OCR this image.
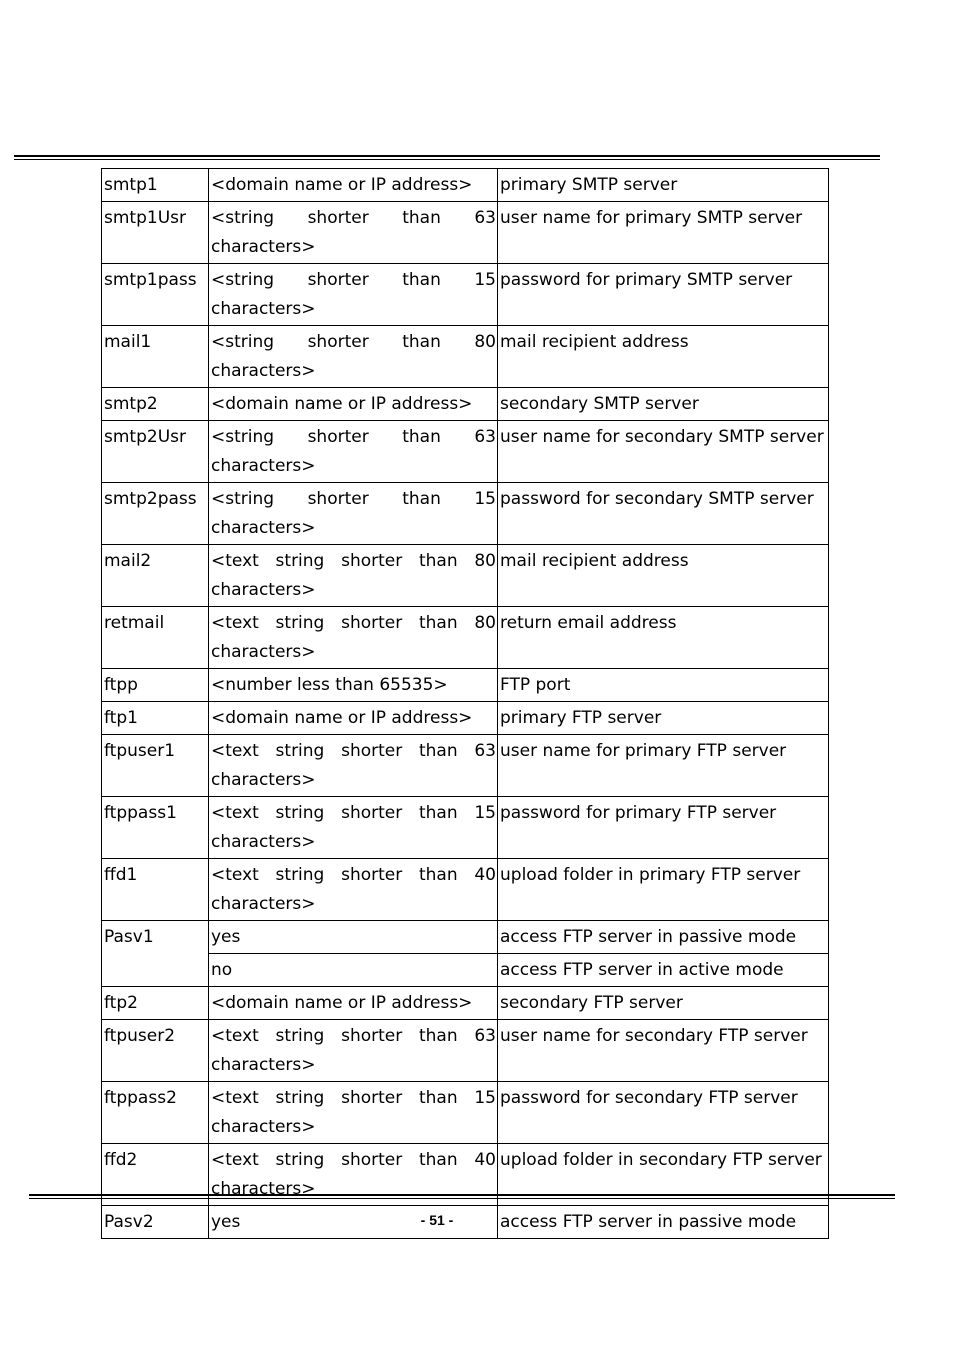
smtp1	<domain name or IP address>	primary SMTP server
smtp1Usr	<string shorter than 63 characters>	user name for primary SMTP server
smtp1pass	<string shorter than 15 characters>	password for primary SMTP server
mail1	<string shorter than 80 characters>	mail recipient address
smtp2	<domain name or IP address>	secondary SMTP server
smtp2Usr	<string shorter than 63 characters>	user name for secondary SMTP server
smtp2pass	<string shorter than 15 characters>	password for secondary SMTP server
mail2	<text string shorter than 80 characters>	mail recipient address
retmail	<text string shorter than 80 characters>	return email address
ftpp	<number less than 65535>	FTP port
ftp1	<domain name or IP address>	primary FTP server
ftpuser1	<text string shorter than 63 characters>	user name for primary FTP server
ftppass1	<text string shorter than 15 characters>	password for primary FTP server
ffd1	<text string shorter than 40 characters>	upload folder in primary FTP server
Pasv1	yes	access FTP server in passive mode
	no	access FTP server in active mode
ftp2	<domain name or IP address>	secondary FTP server
ftpuser2	<text string shorter than 63 characters>	user name for secondary FTP server
ftppass2	<text string shorter than 15 characters>	password for secondary FTP server
ffd2	<text string shorter than 40 characters>	upload folder in secondary FTP server
Pasv2	yes	access FTP server in passive mode
- 51 -
